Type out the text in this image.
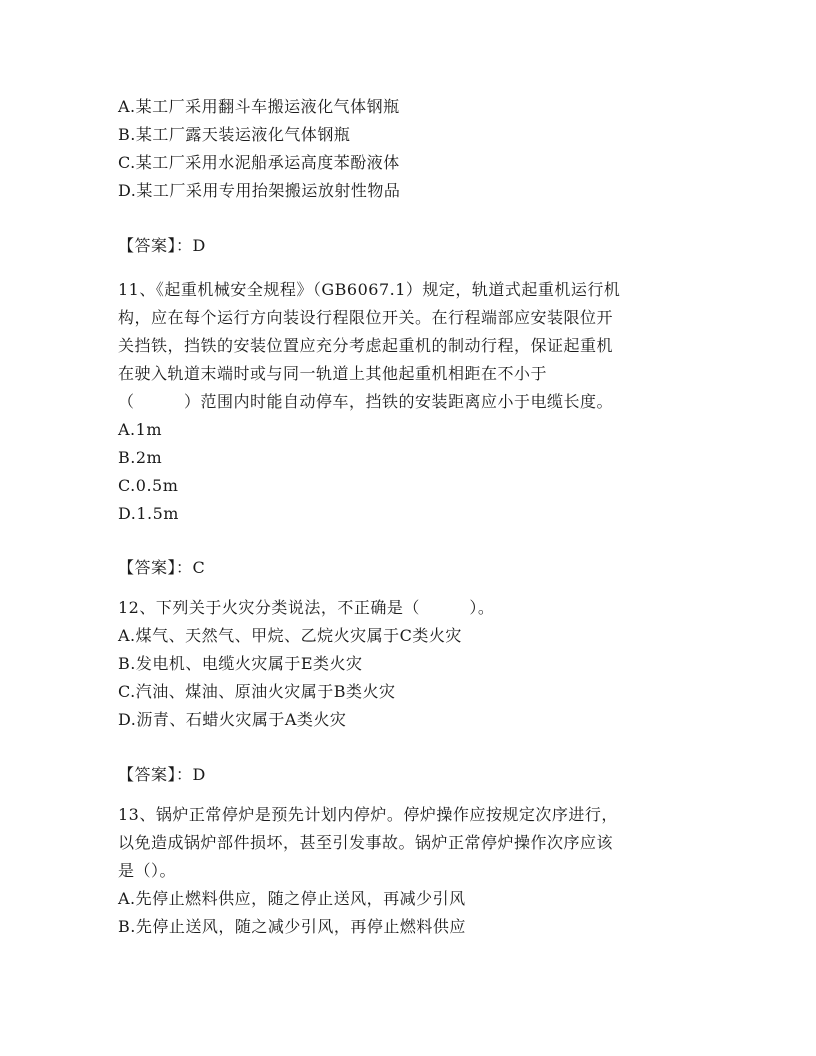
A.某工厂采用翻斗车搬运液化气体钢瓶
B.某工厂露天装运液化气体钢瓶
C.某工厂采用水泥船承运高度苯酚液体
D.某工厂采用专用抬架搬运放射性物品
【答案】：D
11、《起重机械安全规程》（GB6067.1）规定，轨道式起重机运行机
构，应在每个运行方向装设行程限位开关。在行程端部应安装限位开
关挡铁，挡铁的安装位置应充分考虑起重机的制动行程，保证起重机
在驶入轨道末端时或与同一轨道上其他起重机相距在不小于
（　　　）范围内时能自动停车，挡铁的安装距离应小于电缆长度。
A.1m
B.2m
C.0.5m
D.1.5m
【答案】：C
12、下列关于火灾分类说法，不正确是（　　　）。
A.煤气、天然气、甲烷、乙烷火灾属于C类火灾
B.发电机、电缆火灾属于E类火灾
C.汽油、煤油、原油火灾属于B类火灾
D.沥青、石蜡火灾属于A类火灾
【答案】：D
13、锅炉正常停炉是预先计划内停炉。停炉操作应按规定次序进行，
以免造成锅炉部件损坏，甚至引发事故。锅炉正常停炉操作次序应该
是（）。
A.先停止燃料供应，随之停止送风，再减少引风
B.先停止送风，随之减少引风，再停止燃料供应
